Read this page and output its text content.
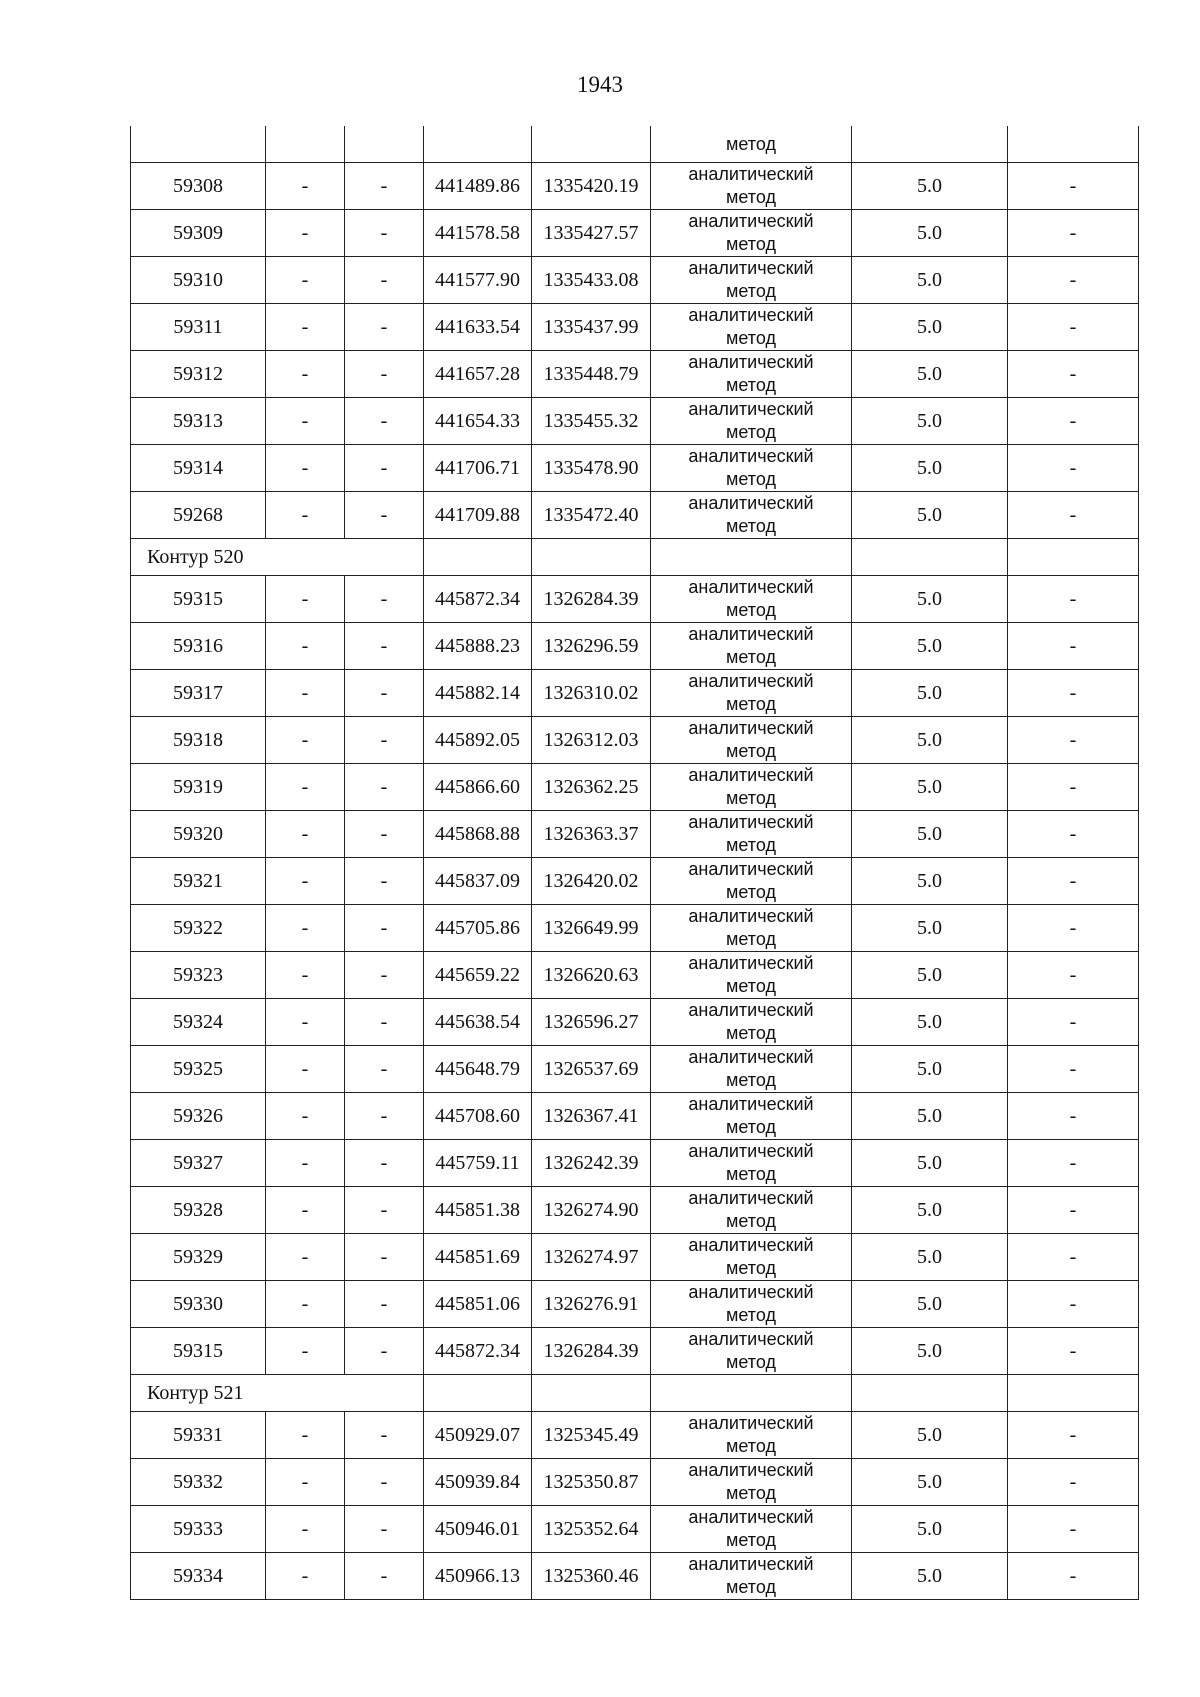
1943

					метод		

59308	-	-	441489.86	1335420.19	аналитический
метод	5.0	-
59309	-	-	441578.58	1335427.57	аналитический
метод	5.0	-
59310	-	-	441577.90	1335433.08	аналитический
метод	5.0	-
59311	-	-	441633.54	1335437.99	аналитический
метод	5.0	-
59312	-	-	441657.28	1335448.79	аналитический
метод	5.0	-
59313	-	-	441654.33	1335455.32	аналитический
метод	5.0	-
59314	-	-	441706.71	1335478.90	аналитический
метод	5.0	-
59268	-	-	441709.88	1335472.40	аналитический
метод	5.0	-
Контур 520							
59315	-	-	445872.34	1326284.39	аналитический
метод	5.0	-
59316	-	-	445888.23	1326296.59	аналитический
метод	5.0	-
59317	-	-	445882.14	1326310.02	аналитический
метод	5.0	-
59318	-	-	445892.05	1326312.03	аналитический
метод	5.0	-
59319	-	-	445866.60	1326362.25	аналитический
метод	5.0	-
59320	-	-	445868.88	1326363.37	аналитический
метод	5.0	-
59321	-	-	445837.09	1326420.02	аналитический
метод	5.0	-
59322	-	-	445705.86	1326649.99	аналитический
метод	5.0	-
59323	-	-	445659.22	1326620.63	аналитический
метод	5.0	-
59324	-	-	445638.54	1326596.27	аналитический
метод	5.0	-
59325	-	-	445648.79	1326537.69	аналитический
метод	5.0	-
59326	-	-	445708.60	1326367.41	аналитический
метод	5.0	-
59327	-	-	445759.11	1326242.39	аналитический
метод	5.0	-
59328	-	-	445851.38	1326274.90	аналитический
метод	5.0	-
59329	-	-	445851.69	1326274.97	аналитический
метод	5.0	-
59330	-	-	445851.06	1326276.91	аналитический
метод	5.0	-
59315	-	-	445872.34	1326284.39	аналитический
метод	5.0	-
Контур 521							
59331	-	-	450929.07	1325345.49	аналитический
метод	5.0	-
59332	-	-	450939.84	1325350.87	аналитический
метод	5.0	-
59333	-	-	450946.01	1325352.64	аналитический
метод	5.0	-
59334	-	-	450966.13	1325360.46	аналитический
метод	5.0	-
